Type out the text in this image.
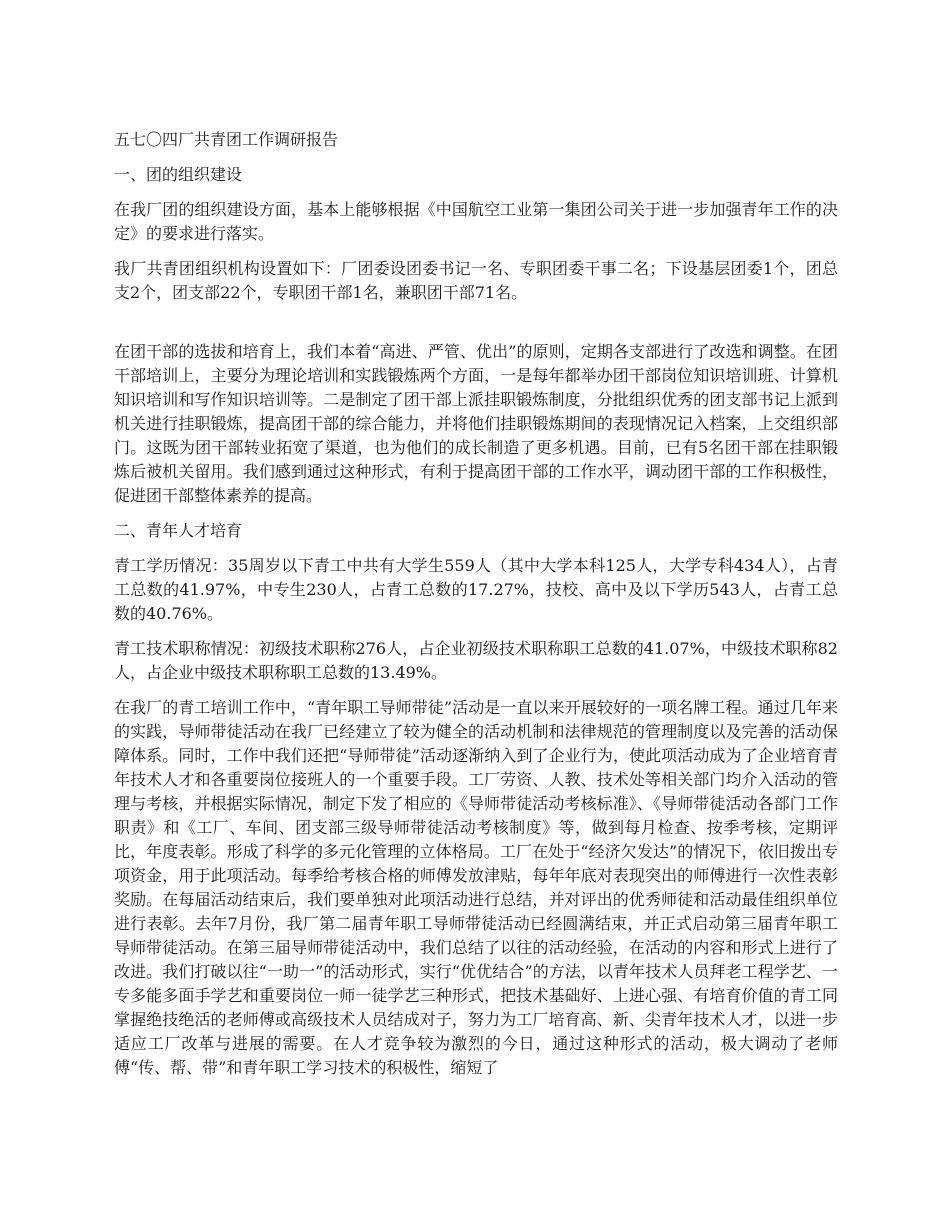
五七〇四厂共青团工作调研报告

一、团的组织建设

在我厂团的组织建设方面，基本上能够根据《中国航空工业第一集团公司关于进一步加强青年工作的决定》的要求进行落实。

我厂共青团组织机构设置如下：厂团委设团委书记一名、专职团委干事二名；下设基层团委1个，团总支2个，团支部22个，专职团干部1名，兼职团干部71名。

在团干部的选拔和培育上，我们本着“高进、严管、优出”的原则，定期各支部进行了改选和调整。在团干部培训上，主要分为理论培训和实践锻炼两个方面，一是每年都举办团干部岗位知识培训班、计算机知识培训和写作知识培训等。二是制定了团干部上派挂职锻炼制度，分批组织优秀的团支部书记上派到机关进行挂职锻炼，提高团干部的综合能力，并将他们挂职锻炼期间的表现情况记入档案，上交组织部门。这既为团干部转业拓宽了渠道，也为他们的成长制造了更多机遇。目前，已有5名团干部在挂职锻炼后被机关留用。我们感到通过这种形式，有利于提高团干部的工作水平，调动团干部的工作积极性，促进团干部整体素养的提高。

二、青年人才培育

青工学历情况：35周岁以下青工中共有大学生559人（其中大学本科125人，大学专科434人），占青工总数的41.97%，中专生230人，占青工总数的17.27%，技校、高中及以下学历543人，占青工总数的40.76%。

青工技术职称情况：初级技术职称276人，占企业初级技术职称职工总数的41.07%，中级技术职称82人，占企业中级技术职称职工总数的13.49%。

在我厂的青工培训工作中，“青年职工导师带徒”活动是一直以来开展较好的一项名牌工程。通过几年来的实践，导师带徒活动在我厂已经建立了较为健全的活动机制和法律规范的管理制度以及完善的活动保障体系。同时，工作中我们还把“导师带徒”活动逐渐纳入到了企业行为，使此项活动成为了企业培育青年技术人才和各重要岗位接班人的一个重要手段。工厂劳资、人教、技术处等相关部门均介入活动的管理与考核，并根据实际情况，制定下发了相应的《导师带徒活动考核标准》、《导师带徒活动各部门工作职责》和《工厂、车间、团支部三级导师带徒活动考核制度》等，做到每月检查、按季考核，定期评比，年度表彰。形成了科学的多元化管理的立体格局。工厂在处于“经济欠发达”的情况下，依旧拨出专项资金，用于此项活动。每季给考核合格的师傅发放津贴，每年年底对表现突出的师傅进行一次性表彰奖励。在每届活动结束后，我们要单独对此项活动进行总结，并对评出的优秀师徒和活动最佳组织单位进行表彰。去年7月份，我厂第二届青年职工导师带徒活动已经圆满结束，并正式启动第三届青年职工导师带徒活动。在第三届导师带徒活动中，我们总结了以往的活动经验，在活动的内容和形式上进行了改进。我们打破以往“一助一”的活动形式，实行“优优结合”的方法，以青年技术人员拜老工程学艺、一专多能多面手学艺和重要岗位一师一徒学艺三种形式，把技术基础好、上进心强、有培育价值的青工同掌握绝技绝活的老师傅或高级技术人员结成对子，努力为工厂培育高、新、尖青年技术人才，以进一步适应工厂改革与进展的需要。在人才竞争较为激烈的今日，通过这种形式的活动，极大调动了老师傅“传、帮、带”和青年职工学习技术的积极性，缩短了
